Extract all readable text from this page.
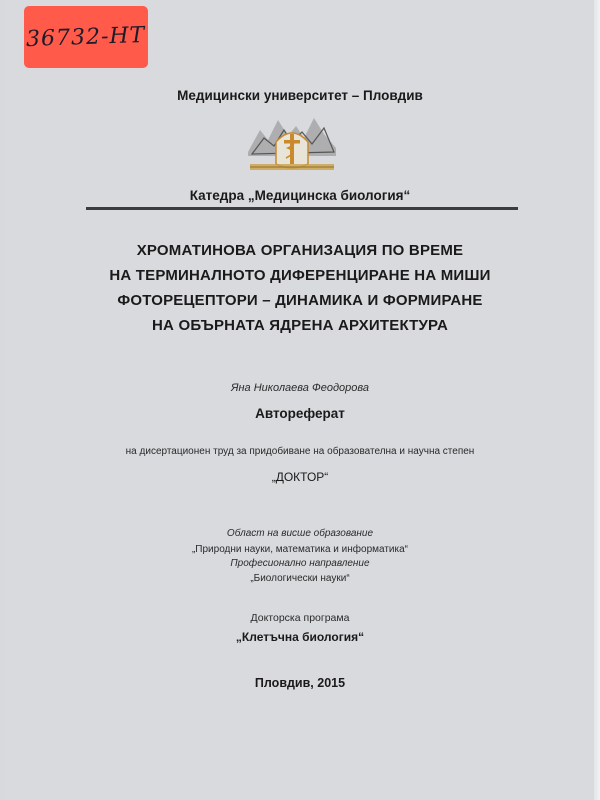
36732-НТ
Медицински университет – Пловдив
Катедра „Медицинска биология“
ХРОМАТИНОВА ОРГАНИЗАЦИЯ ПО ВРЕМЕ
НА ТЕРМИНАЛНОТО ДИФЕРЕНЦИРАНЕ НА МИШИ
ФОТОРЕЦЕПТОРИ – ДИНАМИКА И ФОРМИРАНЕ
НА ОБЪРНАТА ЯДРЕНА АРХИТЕКТУРА
Яна Николаева Феодорова
Автореферат
на дисертационен труд за придобиване на образователна и научна степен
„ДОКТОР“
Област на висше образование
„Природни науки, математика и информатика“
Професионално направление
„Биологически науки“
Докторска програма
„Клетъчна биология“
Пловдив, 2015
